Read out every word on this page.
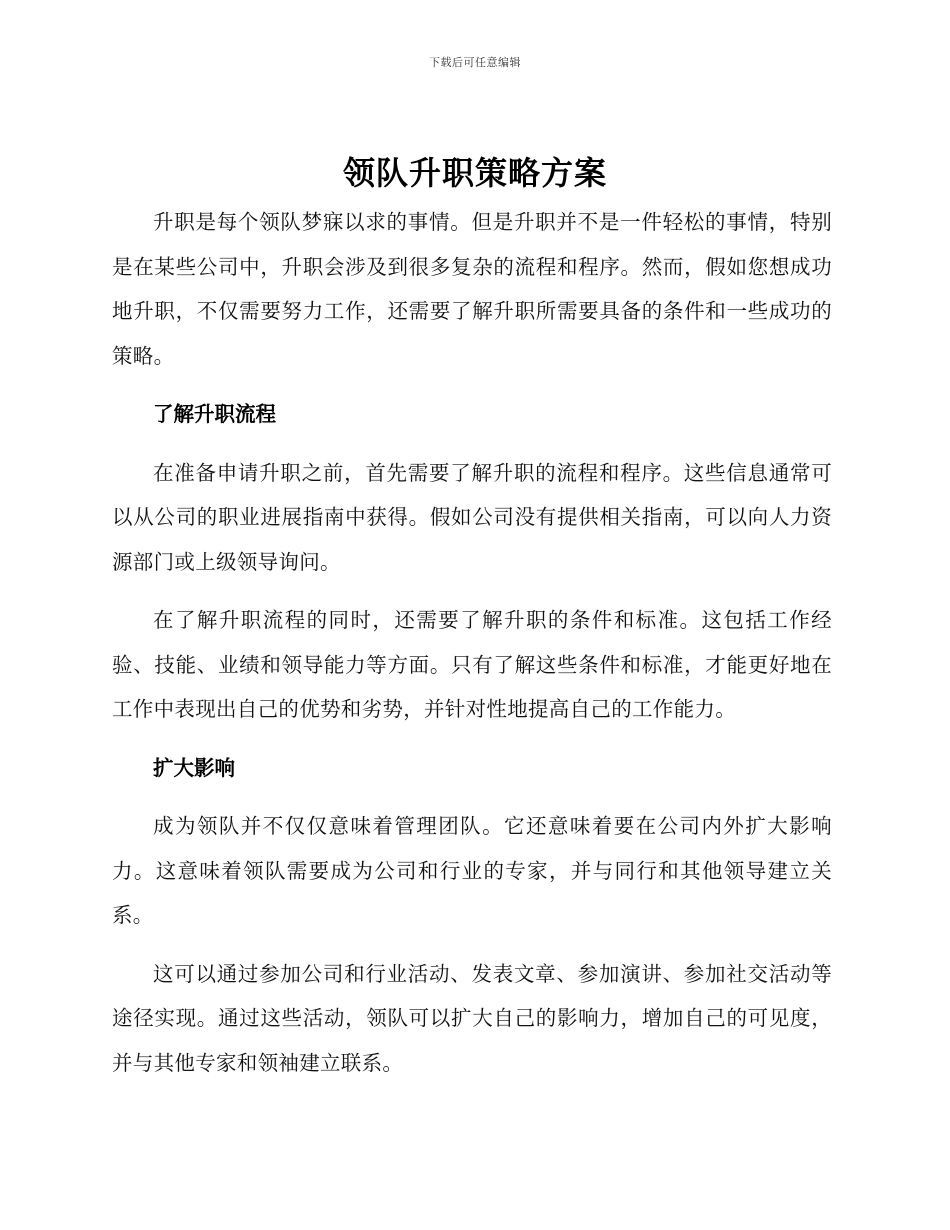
下载后可任意编辑
领队升职策略方案

升职是每个领队梦寐以求的事情。但是升职并不是一件轻松的事情，特别是在某些公司中，升职会涉及到很多复杂的流程和程序。然而，假如您想成功地升职，不仅需要努力工作，还需要了解升职所需要具备的条件和一些成功的策略。

了解升职流程

在准备申请升职之前，首先需要了解升职的流程和程序。这些信息通常可以从公司的职业进展指南中获得。假如公司没有提供相关指南，可以向人力资源部门或上级领导询问。

在了解升职流程的同时，还需要了解升职的条件和标准。这包括工作经验、技能、业绩和领导能力等方面。只有了解这些条件和标准，才能更好地在工作中表现出自己的优势和劣势，并针对性地提高自己的工作能力。

扩大影响

成为领队并不仅仅意味着管理团队。它还意味着要在公司内外扩大影响力。这意味着领队需要成为公司和行业的专家，并与同行和其他领导建立关系。

这可以通过参加公司和行业活动、发表文章、参加演讲、参加社交活动等途径实现。通过这些活动，领队可以扩大自己的影响力，增加自己的可见度，并与其他专家和领袖建立联系。
